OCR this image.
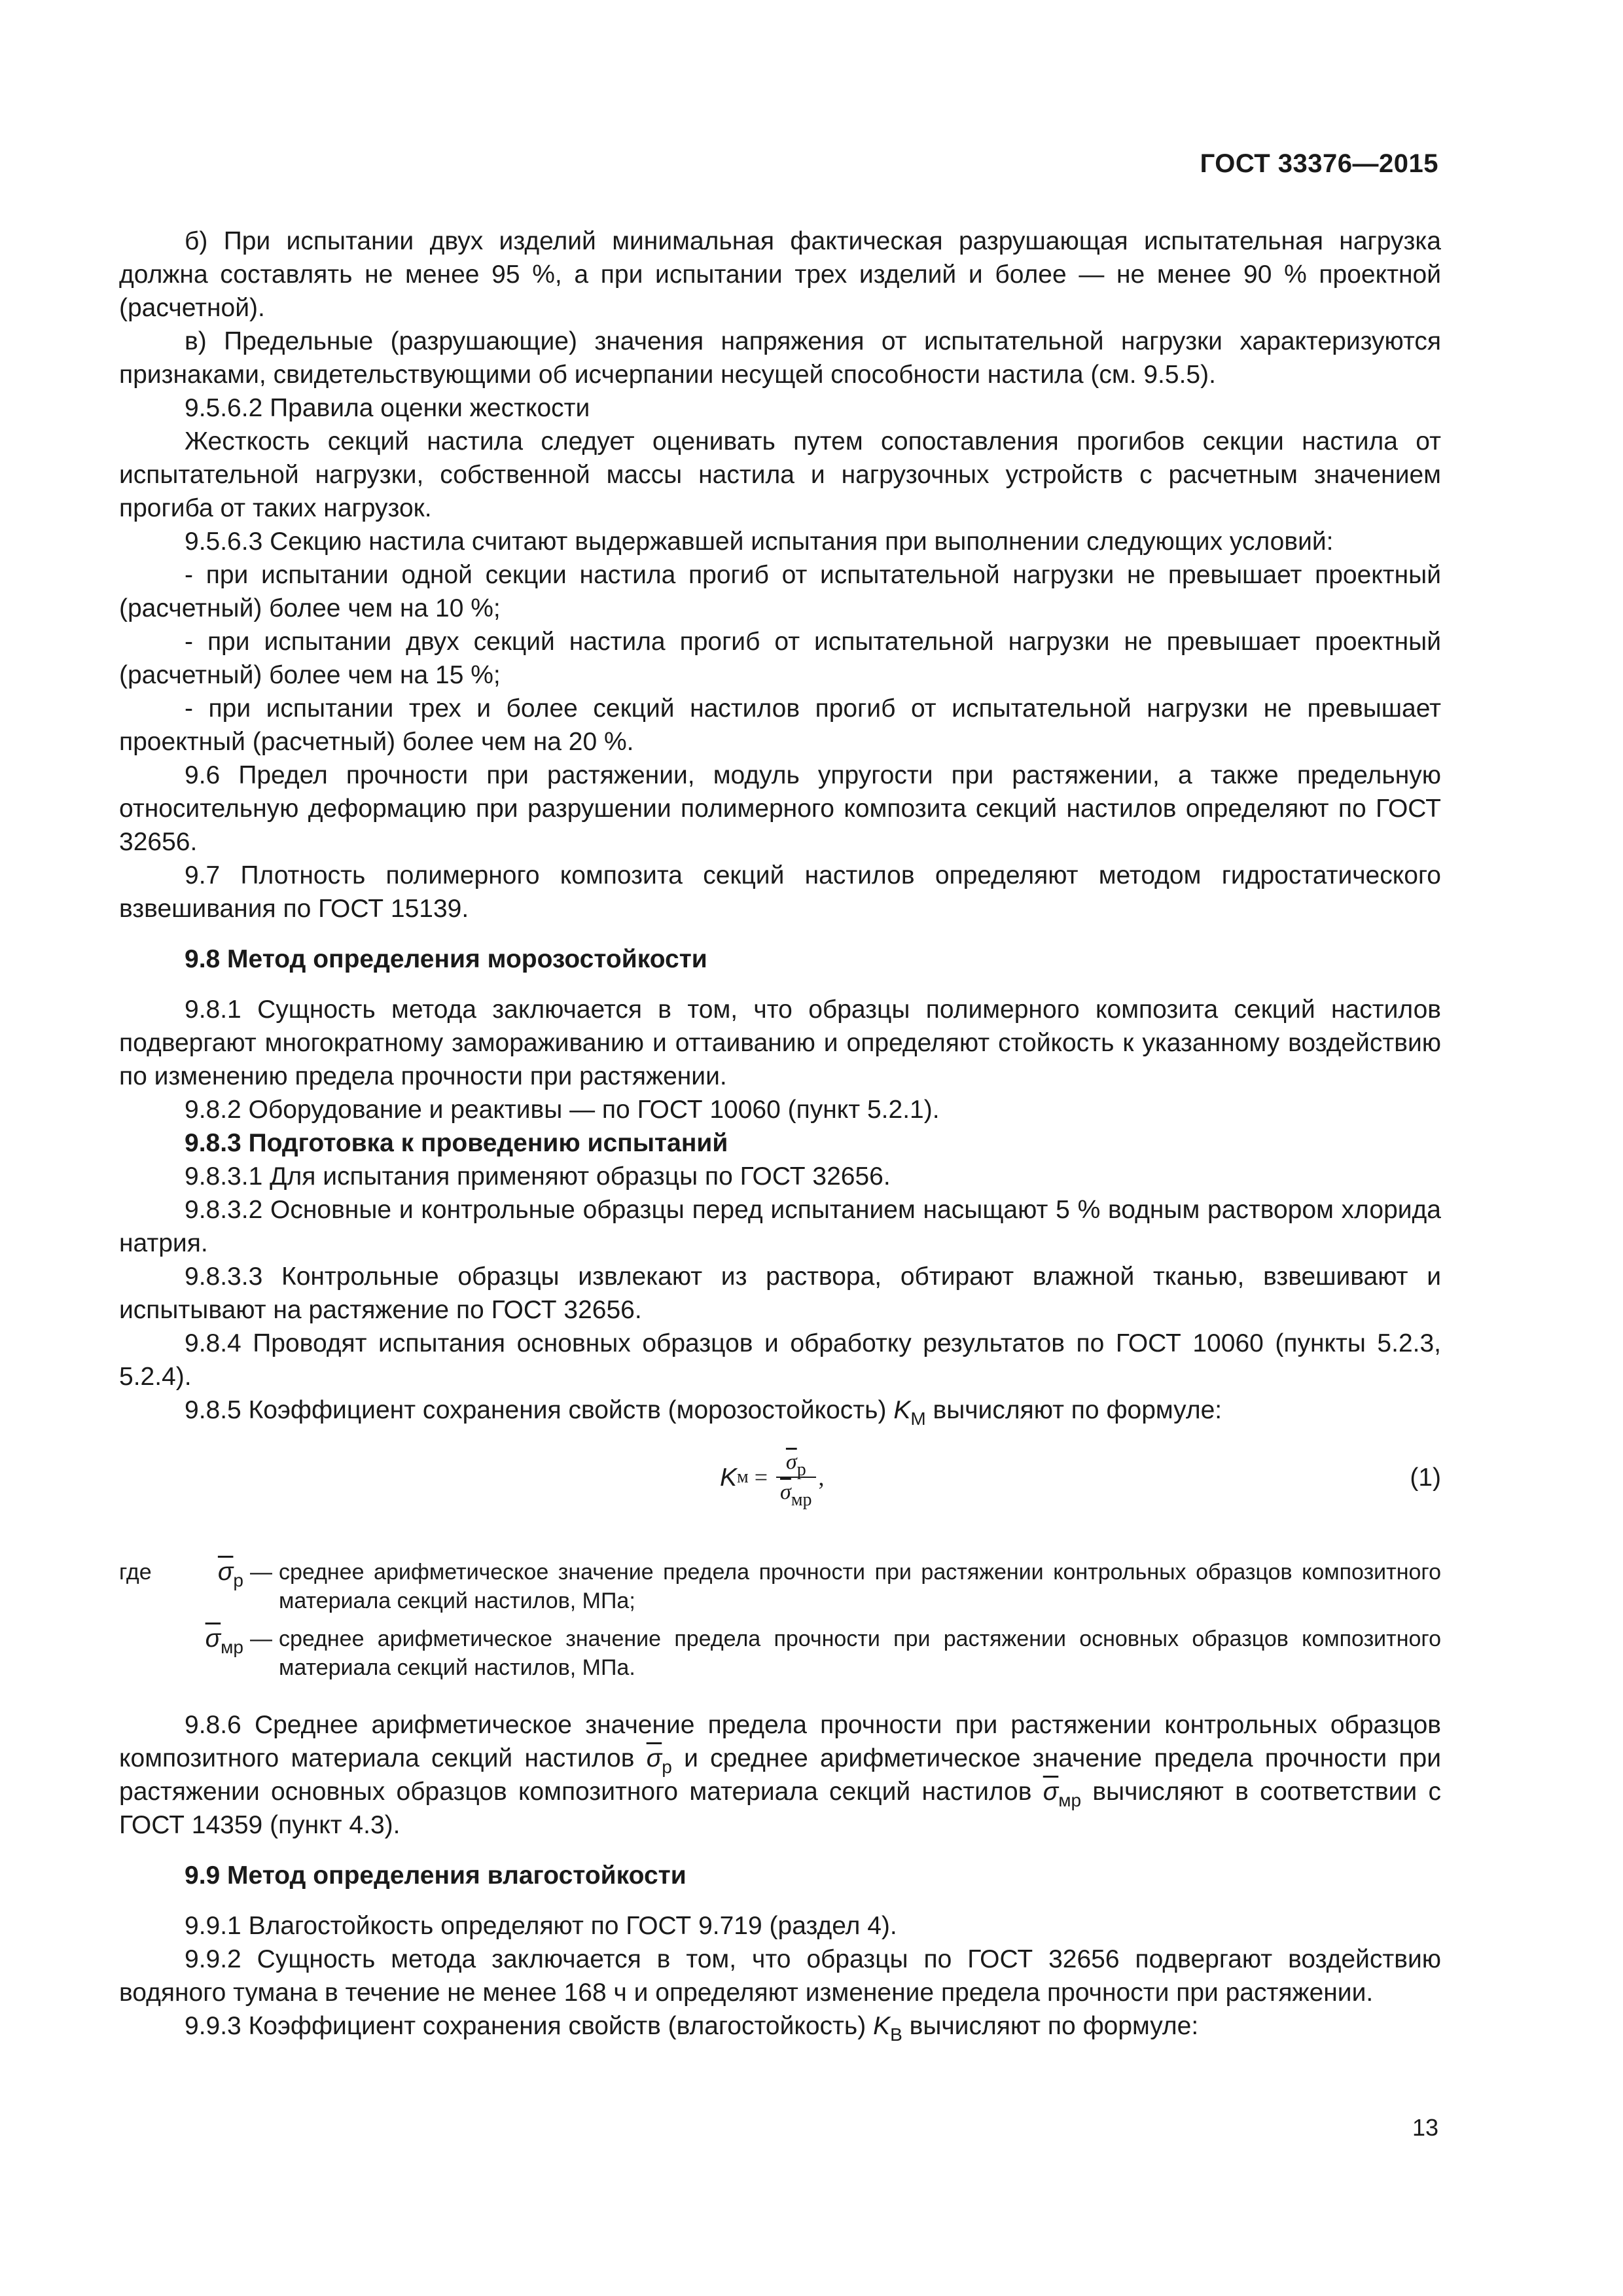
ГОСТ 33376—2015

б) При испытании двух изделий минимальная фактическая разрушающая испытательная нагрузка должна составлять не менее 95 %, а при испытании трех изделий и более — не менее 90 % проектной (расчетной).

в) Предельные (разрушающие) значения напряжения от испытательной нагрузки характеризуются признаками, свидетельствующими об исчерпании несущей способности настила (см. 9.5.5).

9.5.6.2 Правила оценки жесткости

Жесткость секций настила следует оценивать путем сопоставления прогибов секции настила от испытательной нагрузки, собственной массы настила и нагрузочных устройств с расчетным значением прогиба от таких нагрузок.

9.5.6.3 Секцию настила считают выдержавшей испытания при выполнении следующих условий:

- при испытании одной секции настила прогиб от испытательной нагрузки не превышает проектный (расчетный) более чем на 10 %;

- при испытании двух секций настила прогиб от испытательной нагрузки не превышает проектный (расчетный) более чем на 15 %;

- при испытании трех и более секций настилов прогиб от испытательной нагрузки не превышает проектный (расчетный) более чем на 20 %.

9.6 Предел прочности при растяжении, модуль упругости при растяжении, а также предельную относительную деформацию при разрушении полимерного композита секций настилов определяют по ГОСТ 32656.

9.7 Плотность полимерного композита секций настилов определяют методом гидростатического взвешивания по ГОСТ 15139.

9.8 Метод определения морозостойкости

9.8.1 Сущность метода заключается в том, что образцы полимерного композита секций настилов подвергают многократному замораживанию и оттаиванию и определяют стойкость к указанному воздействию по изменению предела прочности при растяжении.

9.8.2 Оборудование и реактивы — по ГОСТ 10060 (пункт 5.2.1).

9.8.3 Подготовка к проведению испытаний

9.8.3.1 Для испытания применяют образцы по ГОСТ 32656.

9.8.3.2 Основные и контрольные образцы перед испытанием насыщают 5 % водным раствором хлорида натрия.

9.8.3.3 Контрольные образцы извлекают из раствора, обтирают влажной тканью, взвешивают и испытывают на растяжение по ГОСТ 32656.

9.8.4 Проводят испытания основных образцов и обработку результатов по ГОСТ 10060 (пункты 5.2.3, 5.2.4).

9.8.5 Коэффициент сохранения свойств (морозостойкость) $K_М$ вычисляют по формуле:

K $м = \frac{\overline{\sigma}_р}{\overline{\sigma}_{мр}}$ ,	(1)
где	$\overline{\sigma}_р$	—	среднее арифметическое значение предела прочности при растяжении контрольных образцов композитного материала секций настилов, МПа;
	$\overline{\sigma}_{мр}$	—	среднее арифметическое значение предела прочности при растяжении основных образцов композитного материала секций настилов, МПа.

9.8.6 Среднее арифметическое значение предела прочности при растяжении контрольных образцов композитного материала секций настилов $\overline{\sigma}_р$ и среднее арифметическое значение предела прочности при растяжении основных образцов композитного материала секций настилов $\overline{\sigma}_{мр}$ вычисляют в соответствии с ГОСТ 14359 (пункт 4.3).

9.9 Метод определения влагостойкости

9.9.1 Влагостойкость определяют по ГОСТ 9.719 (раздел 4).

9.9.2 Сущность метода заключается в том, что образцы по ГОСТ 32656 подвергают воздействию водяного тумана в течение не менее 168 ч и определяют изменение предела прочности при растяжении.

9.9.3 Коэффициент сохранения свойств (влагостойкость) $K_В$ вычисляют по формуле:

13
